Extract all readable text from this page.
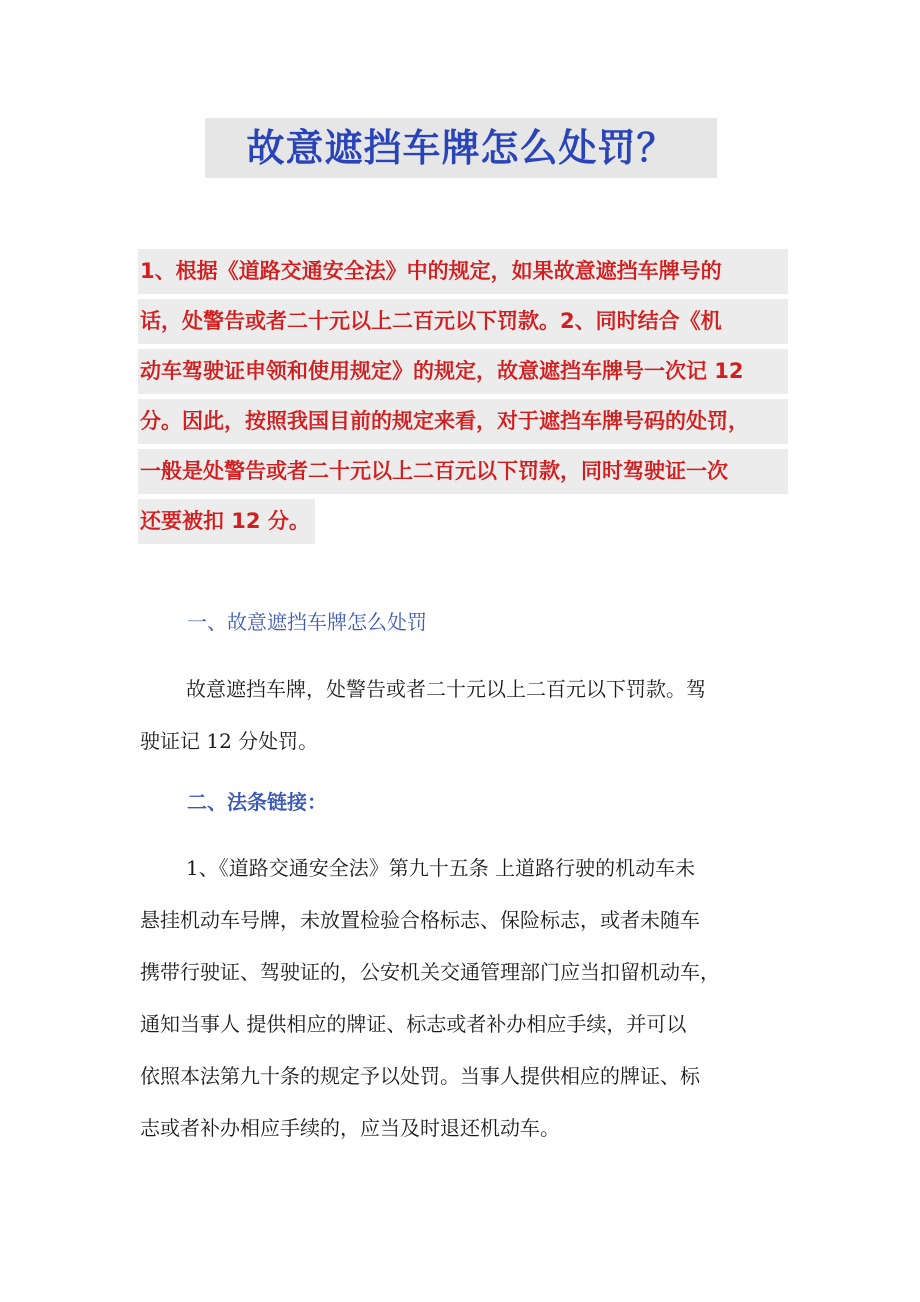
故意遮挡车牌怎么处罚？
1、根据《道路交通安全法》中的规定，如果故意遮挡车牌号的
话，处警告或者二十元以上二百元以下罚款。2、同时结合《机
动车驾驶证申领和使用规定》的规定，故意遮挡车牌号一次记 12
分。因此，按照我国目前的规定来看，对于遮挡车牌号码的处罚，
一般是处警告或者二十元以上二百元以下罚款，同时驾驶证一次
还要被扣 12 分。
一、故意遮挡车牌怎么处罚
故意遮挡车牌，处警告或者二十元以上二百元以下罚款。驾
驶证记 12 分处罚。
二、法条链接：
1、《道路交通安全法》第九十五条 上道路行驶的机动车未
悬挂机动车号牌，未放置检验合格标志、保险标志，或者未随车
携带行驶证、驾驶证的，公安机关交通管理部门应当扣留机动车，
通知当事人 提供相应的牌证、标志或者补办相应手续，并可以
依照本法第九十条的规定予以处罚。当事人提供相应的牌证、标
志或者补办相应手续的，应当及时退还机动车。
